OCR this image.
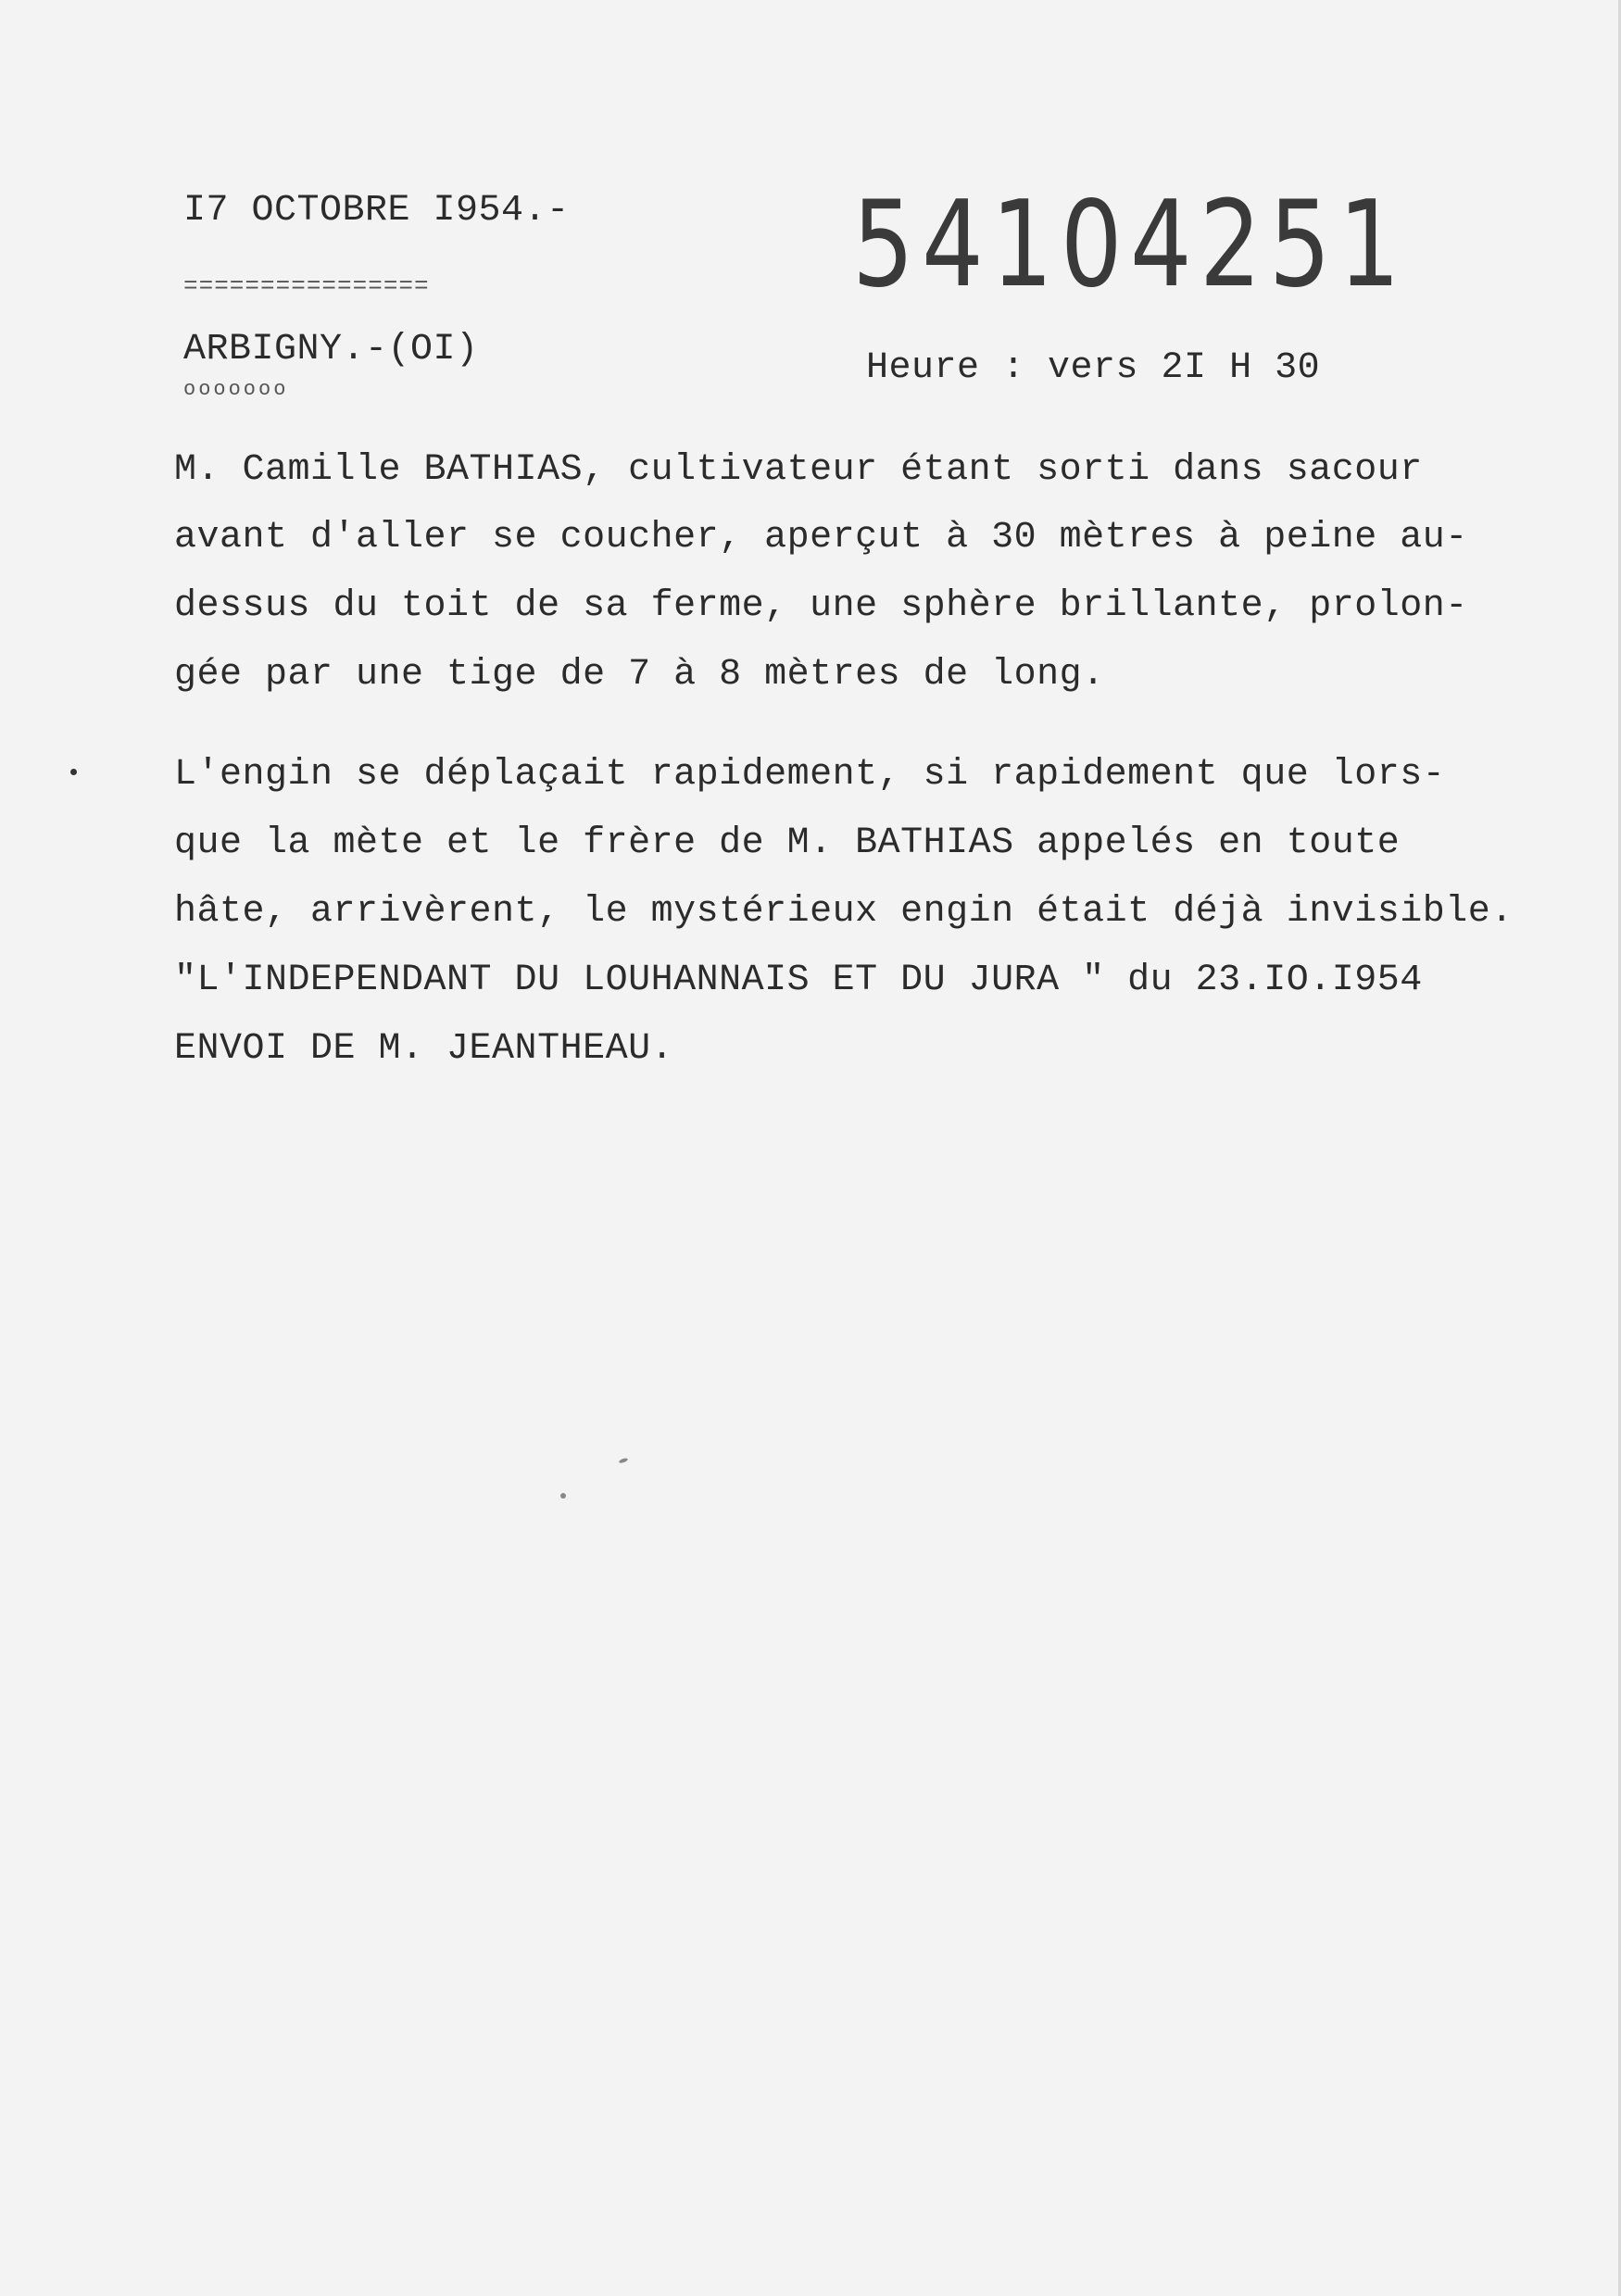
I7 OCTOBRE I954.-
================	54104251
ARBIGNY.-(OI)
ooooooo
Heure : vers 2I H 30
M. Camille BATHIAS, cultivateur étant sorti dans sacour
avant d'aller se coucher, aperçut à 30 mètres à peine au-
dessus du toit de sa ferme, une sphère brillante, prolon-
gée par une tige de 7 à 8 mètres de long.
L'engin se déplaçait rapidement, si rapidement que lors-
que la mète et le frère de M. BATHIAS appelés en toute
hâte, arrivèrent, le mystérieux engin était déjà invisible.
"L'INDEPENDANT DU LOUHANNAIS ET DU JURA " du 23.IO.I954
ENVOI DE M. JEANTHEAU.
